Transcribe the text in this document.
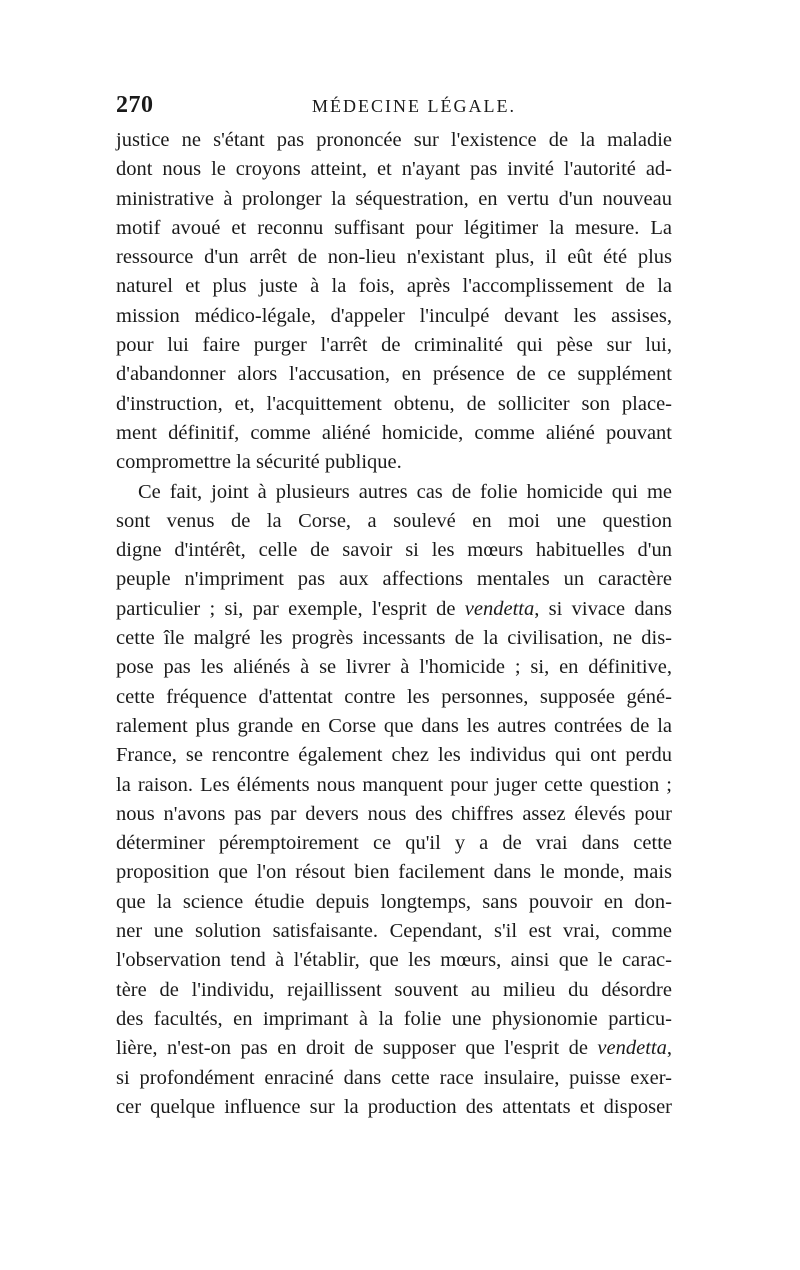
270	MÉDECINE LÉGALE.
justice ne s'étant pas prononcée sur l'existence de la maladie
dont nous le croyons atteint, et n'ayant pas invité l'autorité ad-
ministrative à prolonger la séquestration, en vertu d'un nouveau
motif avoué et reconnu suffisant pour légitimer la mesure. La
ressource d'un arrêt de non-lieu n'existant plus, il eût été plus
naturel et plus juste à la fois, après l'accomplissement de la
mission médico-légale, d'appeler l'inculpé devant les assises,
pour lui faire purger l'arrêt de criminalité qui pèse sur lui,
d'abandonner alors l'accusation, en présence de ce supplément
d'instruction, et, l'acquittement obtenu, de solliciter son place-
ment définitif, comme aliéné homicide, comme aliéné pouvant
compromettre la sécurité publique.
Ce fait, joint à plusieurs autres cas de folie homicide qui me
sont venus de la Corse, a soulevé en moi une question
digne d'intérêt, celle de savoir si les mœurs habituelles d'un
peuple n'impriment pas aux affections mentales un caractère
particulier ; si, par exemple, l'esprit de vendetta, si vivace dans
cette île malgré les progrès incessants de la civilisation, ne dis-
pose pas les aliénés à se livrer à l'homicide ; si, en définitive,
cette fréquence d'attentat contre les personnes, supposée géné-
ralement plus grande en Corse que dans les autres contrées de la
France, se rencontre également chez les individus qui ont perdu
la raison. Les éléments nous manquent pour juger cette question ;
nous n'avons pas par devers nous des chiffres assez élevés pour
déterminer péremptoirement ce qu'il y a de vrai dans cette
proposition que l'on résout bien facilement dans le monde, mais
que la science étudie depuis longtemps, sans pouvoir en don-
ner une solution satisfaisante. Cependant, s'il est vrai, comme
l'observation tend à l'établir, que les mœurs, ainsi que le carac-
tère de l'individu, rejaillissent souvent au milieu du désordre
des facultés, en imprimant à la folie une physionomie particu-
lière, n'est-on pas en droit de supposer que l'esprit de vendetta,
si profondément enraciné dans cette race insulaire, puisse exer-
cer quelque influence sur la production des attentats et disposer
